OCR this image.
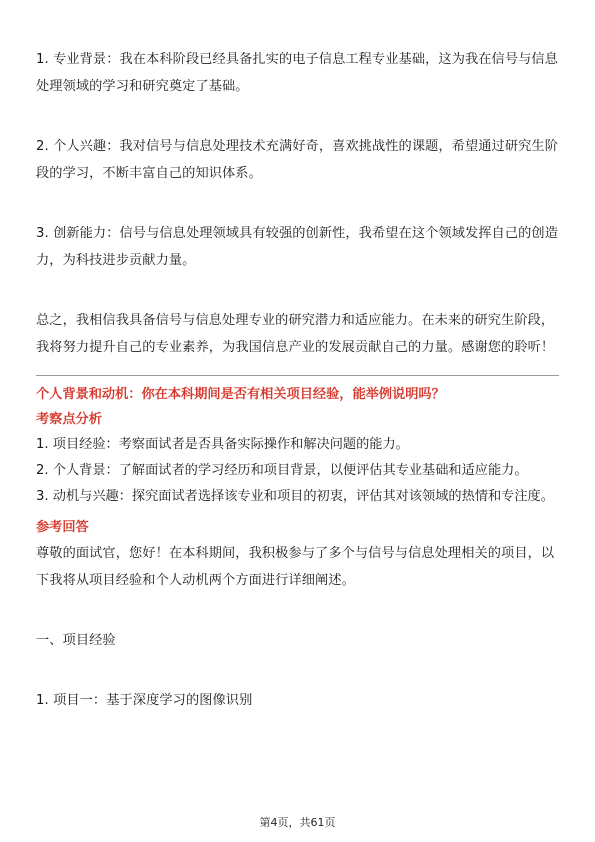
1. 专业背景：我在本科阶段已经具备扎实的电子信息工程专业基础，这为我在信号与信息处理领域的学习和研究奠定了基础。

2. 个人兴趣：我对信号与信息处理技术充满好奇，喜欢挑战性的课题，希望通过研究生阶段的学习，不断丰富自己的知识体系。

3. 创新能力：信号与信息处理领域具有较强的创新性，我希望在这个领域发挥自己的创造力，为科技进步贡献力量。

总之，我相信我具备信号与信息处理专业的研究潜力和适应能力。在未来的研究生阶段，我将努力提升自己的专业素养，为我国信息产业的发展贡献自己的力量。感谢您的聆听！

个人背景和动机：你在本科期间是否有相关项目经验，能举例说明吗？

考察点分析

1. 项目经验：考察面试者是否具备实际操作和解决问题的能力。

2. 个人背景：了解面试者的学习经历和项目背景，以便评估其专业基础和适应能力。

3. 动机与兴趣：探究面试者选择该专业和项目的初衷，评估其对该领域的热情和专注度。

参考回答

尊敬的面试官，您好！在本科期间，我积极参与了多个与信号与信息处理相关的项目，以下我将从项目经验和个人动机两个方面进行详细阐述。

一、项目经验

1. 项目一：基于深度学习的图像识别

第4页，共61页
